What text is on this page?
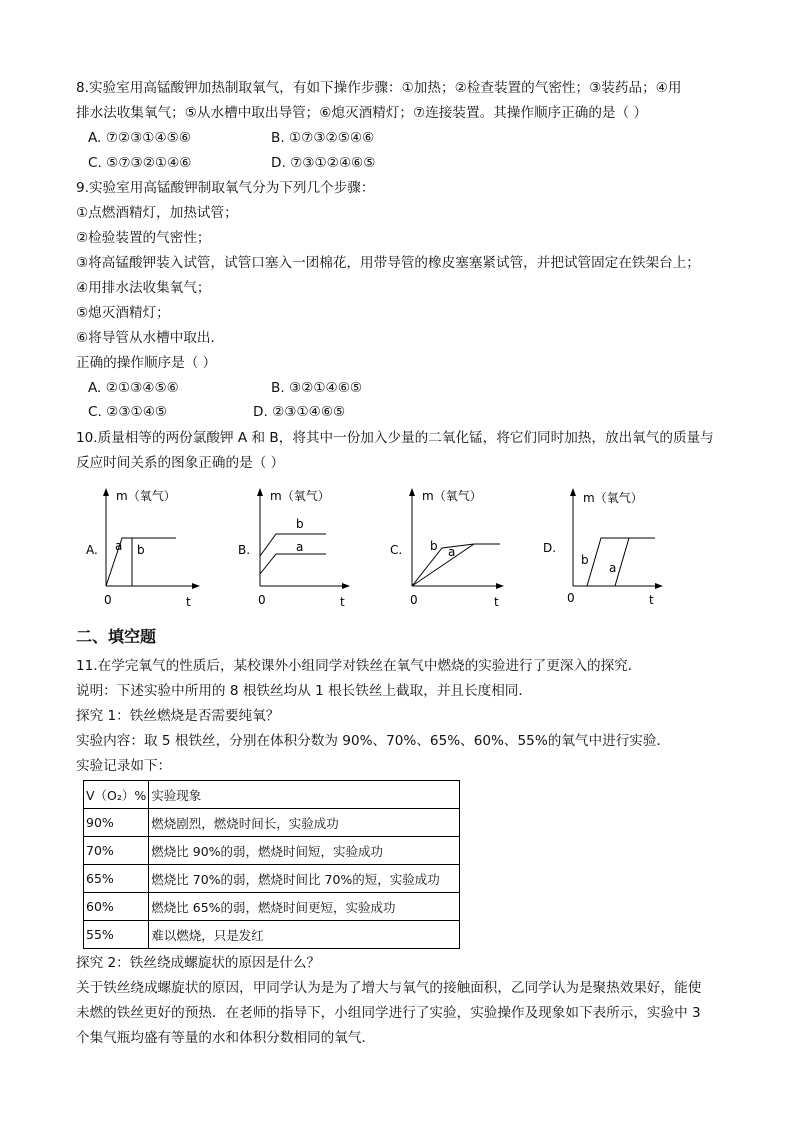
8.实验室用高锰酸钾加热制取氧气，有如下操作步骤：①加热；②检查装置的气密性；③装药品；④用
排水法收集氧气；⑤从水槽中取出导管；⑥熄灭酒精灯；⑦连接装置。其操作顺序正确的是（ ）
A. ⑦②③①④⑤⑥	B. ①⑦③②⑤④⑥
C. ⑤⑦③②①④⑥	D. ⑦③①②④⑥⑤
9.实验室用高锰酸钾制取氧气分为下列几个步骤：
①点燃酒精灯，加热试管；
②检验装置的气密性；
③将高锰酸钾装入试管，试管口塞入一团棉花，用带导管的橡皮塞塞紧试管，并把试管固定在铁架台上；
④用排水法收集氧气；
⑤熄灭酒精灯；
⑥将导管从水槽中取出．
正确的操作顺序是（ ）
A. ②①③④⑤⑥	B. ③②①④⑥⑤
C. ②③①④⑤	D. ②③①④⑥⑤
10.质量相等的两份氯酸钾 A 和 B，将其中一份加入少量的二氧化锰，将它们同时加热，放出氧气的质量与
反应时间关系的图象正确的是（ ）
A.
m（氧气）
t
0
a b	B.
m（氧气）
t
0
b
a	C.
m（氧气）
t
0
b a	D.
m（氧气）
t
0
b
a
二、填空题
11.在学完氧气的性质后，某校课外小组同学对铁丝在氧气中燃烧的实验进行了更深入的探究．
说明：下述实验中所用的 8 根铁丝均从 1 根长铁丝上截取，并且长度相同．
探究 1：铁丝燃烧是否需要纯氧？
实验内容：取 5 根铁丝，分别在体积分数为 90%、70%、65%、60%、55%的氧气中进行实验．
实验记录如下：
V（O₂）%	实验现象
90%	燃烧剧烈，燃烧时间长，实验成功
70%	燃烧比 90%的弱，燃烧时间短，实验成功
65%	燃烧比 70%的弱，燃烧时间比 70%的短，实验成功
60%	燃烧比 65%的弱，燃烧时间更短，实验成功
55%	难以燃烧，只是发红
探究 2：铁丝绕成螺旋状的原因是什么？
关于铁丝绕成螺旋状的原因，甲同学认为是为了增大与氧气的接触面积，乙同学认为是聚热效果好，能使
未燃的铁丝更好的预热．在老师的指导下，小组同学进行了实验，实验操作及现象如下表所示，实验中 3
个集气瓶均盛有等量的水和体积分数相同的氧气．
